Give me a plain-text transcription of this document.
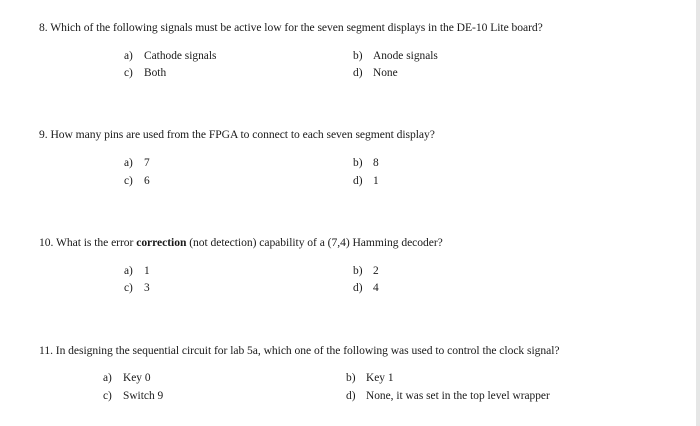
8. Which of the following signals must be active low for the seven segment displays in the DE-10 Lite board?
a) Cathode signals	b) Anode signals
c) Both	d) None
9. How many pins are used from the FPGA to connect to each seven segment display?
a) 7	b) 8
c) 6	d) 1
10. What is the error correction (not detection) capability of a (7,4) Hamming decoder?
a) 1	b) 2
c) 3	d) 4
11. In designing the sequential circuit for lab 5a, which one of the following was used to control the clock signal?
a) Key 0	b) Key 1
c) Switch 9	d) None, it was set in the top level wrapper
